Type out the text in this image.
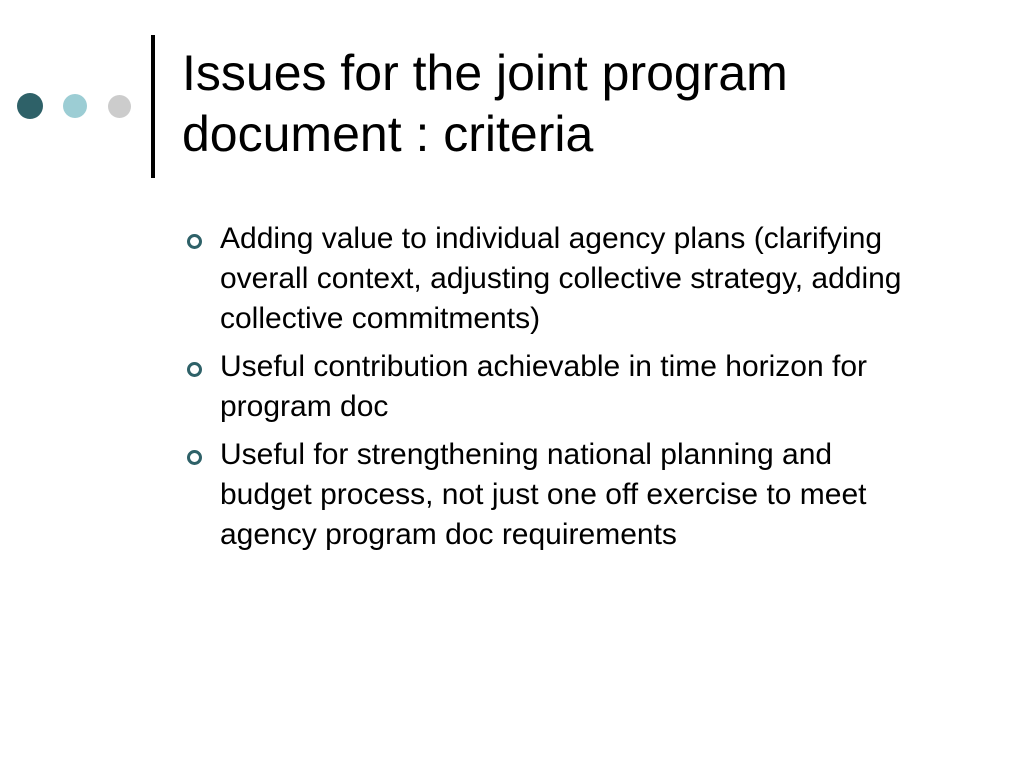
Issues for the joint program document : criteria
Adding value to individual agency plans (clarifying overall context, adjusting collective strategy, adding collective commitments)
Useful contribution achievable in time horizon for program doc
Useful for strengthening national planning and budget process, not just one off exercise to meet agency program doc requirements
